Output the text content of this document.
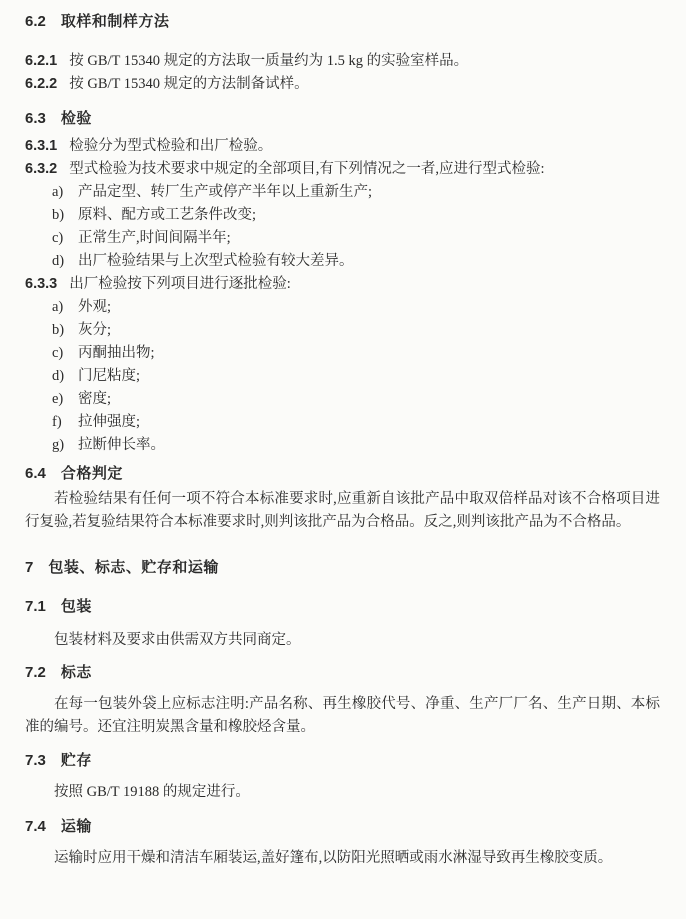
6.2 取样和制样方法
6.2.1 按 GB/T 15340 规定的方法取一质量约为 1.5 kg 的实验室样品。
6.2.2 按 GB/T 15340 规定的方法制备试样。
6.3 检验
6.3.1 检验分为型式检验和出厂检验。
6.3.2 型式检验为技术要求中规定的全部项目,有下列情况之一者,应进行型式检验:
a)	产品定型、转厂生产或停产半年以上重新生产;
b) 原料、配方或工艺条件改变;
c)	正常生产,时间间隔半年;
d) 出厂检验结果与上次型式检验有较大差异。
6.3.3 出厂检验按下列项目进行逐批检验:
a)	外观;
b) 灰分;
c)	丙酮抽出物;
d) 门尼粘度;
e)	密度;
f)	拉伸强度;
g) 拉断伸长率。
6.4 合格判定

若检验结果有任何一项不符合本标准要求时,应重新自该批产品中取双倍样品对该不合格项目进行复验,若复验结果符合本标准要求时,则判该批产品为合格品。反之,则判该批产品为不合格品。

7 包装、标志、贮存和运输
7.1 包装

包装材料及要求由供需双方共同商定。

7.2 标志

在每一包装外袋上应标志注明:产品名称、再生橡胶代号、净重、生产厂厂名、生产日期、本标准的编号。还宜注明炭黑含量和橡胶烃含量。

7.3 贮存

按照 GB/T 19188 的规定进行。

7.4 运输

运输时应用干燥和清洁车厢装运,盖好篷布,以防阳光照晒或雨水淋湿导致再生橡胶变质。
